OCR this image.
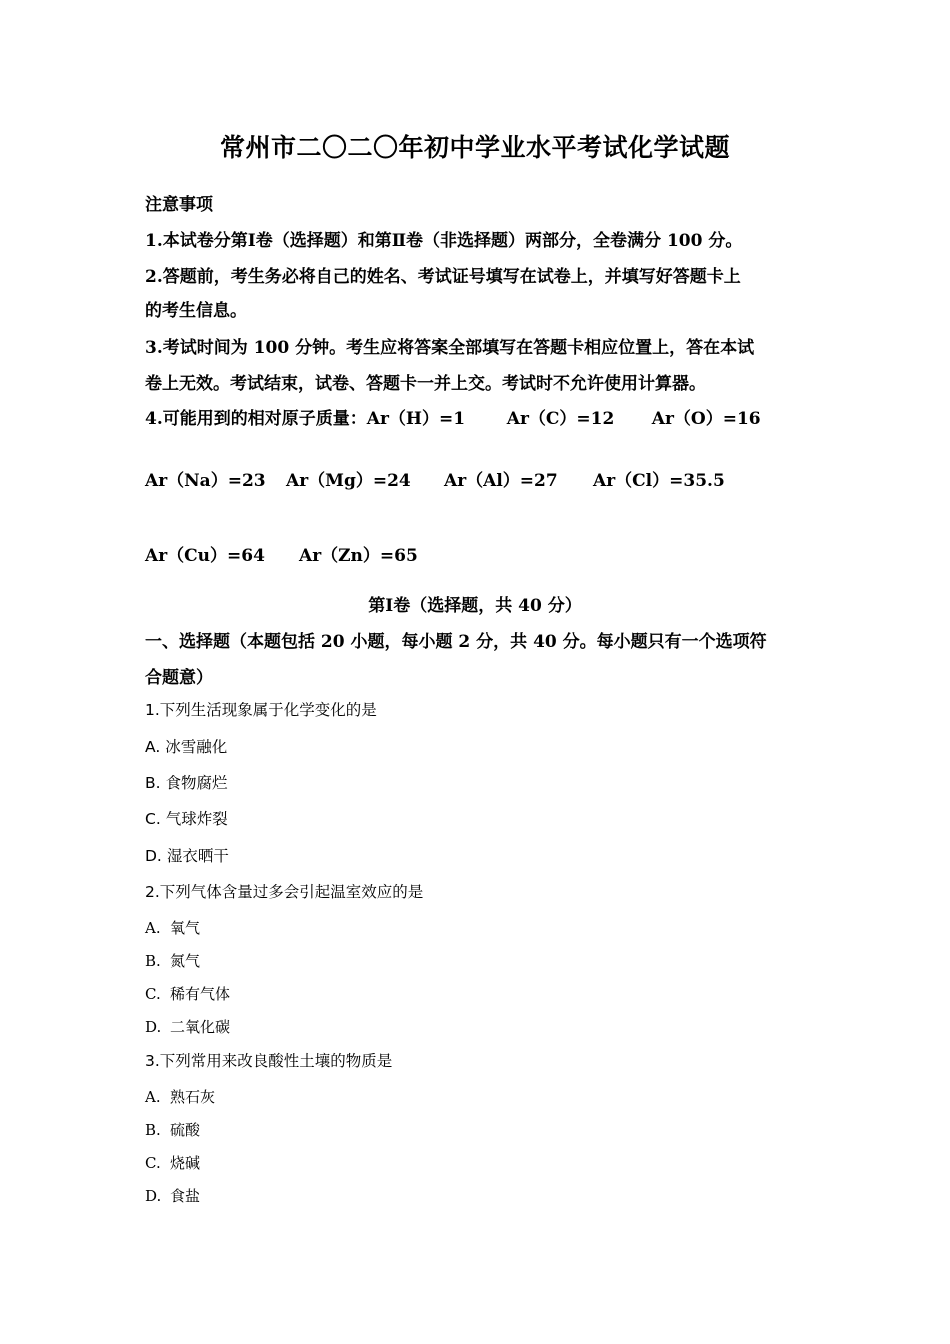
常州市二〇二〇年初中学业水平考试化学试题
注意事项
1.本试卷分第Ⅰ卷（选择题）和第Ⅱ卷（非选择题）两部分，全卷满分 100 分。
2.答题前，考生务必将自己的姓名、考试证号填写在试卷上，并填写好答题卡上
的考生信息。
3.考试时间为 100 分钟。考生应将答案全部填写在答题卡相应位置上，答在本试
卷上无效。考试结束，试卷、答题卡一并上交。考试时不允许使用计算器。
4.可能用到的相对原子质量：Ar（H）=1 Ar（C）=12 Ar（O）=16
Ar（Na）=23 Ar（Mg）=24 Ar（Al）=27 Ar（Cl）=35.5
Ar（Cu）=64 Ar（Zn）=65
第Ⅰ卷（选择题，共 40 分）
一、选择题（本题包括 20 小题，每小题 2 分，共 40 分。每小题只有一个选项符
合题意）
1.下列生活现象属于化学变化的是
A. 冰雪融化
B. 食物腐烂
C. 气球炸裂
D. 湿衣晒干
2.下列气体含量过多会引起温室效应的是
A. 氧气
B. 氮气
C. 稀有气体
D. 二氧化碳
3.下列常用来改良酸性土壤的物质是
A. 熟石灰
B. 硫酸
C. 烧碱
D. 食盐
